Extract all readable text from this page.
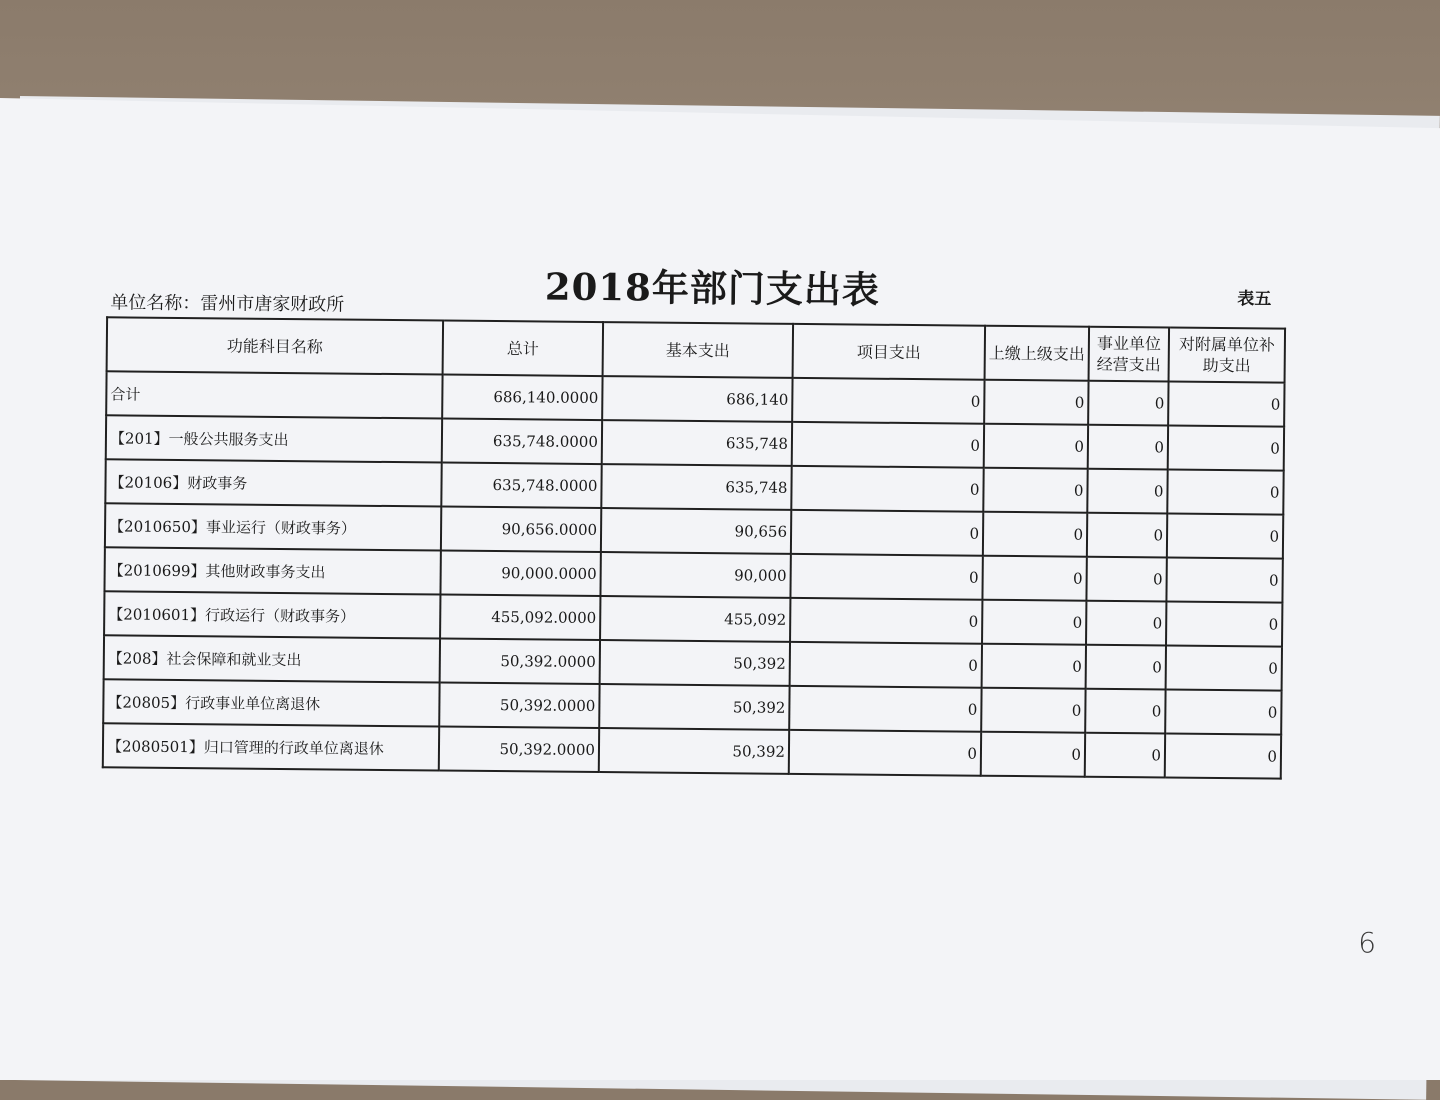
2018年部门支出表	表五
单位名称：雷州市唐家财政所
功能科目名称	总计	基本支出	项目支出	上缴上级支出	事业单位经营支出	对附属单位补助支出
合计	686,140.0000	686,140	0	0	0	0
【201】一般公共服务支出	635,748.0000	635,748	0	0	0	0
【20106】财政事务	635,748.0000	635,748	0	0	0	0
【2010650】事业运行（财政事务）	90,656.0000	90,656	0	0	0	0
【2010699】其他财政事务支出	90,000.0000	90,000	0	0	0	0
【2010601】行政运行（财政事务）	455,092.0000	455,092	0	0	0	0
【208】社会保障和就业支出	50,392.0000	50,392	0	0	0	0
【20805】行政事业单位离退休	50,392.0000	50,392	0	0	0	0
【2080501】归口管理的行政单位离退休	50,392.0000	50,392	0	0	0	0
6
